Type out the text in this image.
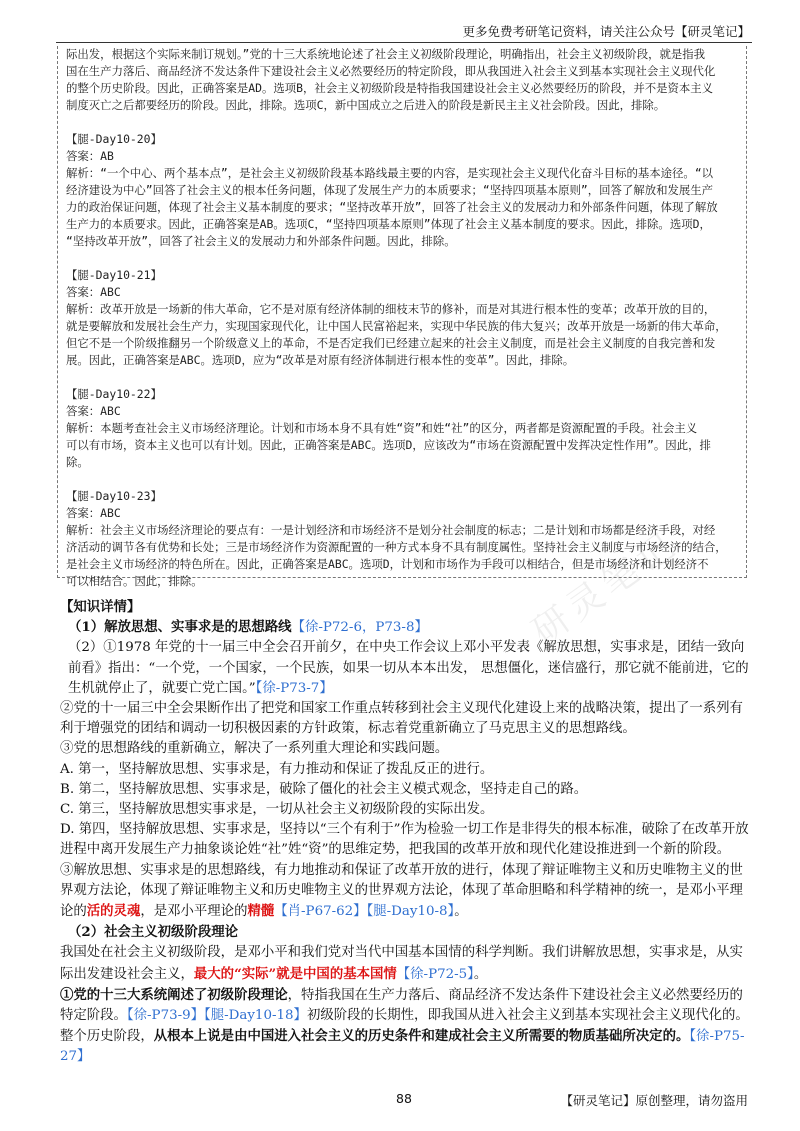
更多免费考研笔记资料，请关注公众号【研灵笔记】

际出发，根据这个实际来制订规划。”党的十三大系统地论述了社会主义初级阶段理论，明确指出，社会主义初级阶段，就是指我

国在生产力落后、商品经济不发达条件下建设社会主义必然要经历的特定阶段，即从我国进入社会主义到基本实现社会主义现代化

的整个历史阶段。因此，正确答案是AD。选项B，社会主义初级阶段是特指我国建设社会主义必然要经历的阶段，并不是资本主义

制度灭亡之后都要经历的阶段。因此，排除。选项C，新中国成立之后进入的阶段是新民主主义社会阶段。因此，排除。

【腿-Day10-20】

答案：AB

解析：“一个中心、两个基本点”，是社会主义初级阶段基本路线最主要的内容，是实现社会主义现代化奋斗目标的基本途径。“以

经济建设为中心”回答了社会主义的根本任务问题，体现了发展生产力的本质要求；“坚持四项基本原则”，回答了解放和发展生产

力的政治保证问题，体现了社会主义基本制度的要求；“坚持改革开放”，回答了社会主义的发展动力和外部条件问题，体现了解放

生产力的本质要求。因此，正确答案是AB。选项C，“坚持四项基本原则”体现了社会主义基本制度的要求。因此，排除。选项D，

“坚持改革开放”，回答了社会主义的发展动力和外部条件问题。因此，排除。

【腿-Day10-21】

答案：ABC

解析：改革开放是一场新的伟大革命，它不是对原有经济体制的细枝末节的修补，而是对其进行根本性的变革；改革开放的目的，

就是要解放和发展社会生产力，实现国家现代化，让中国人民富裕起来，实现中华民族的伟大复兴；改革开放是一场新的伟大革命，

但它不是一个阶级推翻另一个阶级意义上的革命，不是否定我们已经建立起来的社会主义制度，而是社会主义制度的自我完善和发

展。因此，正确答案是ABC。选项D，应为“改革是对原有经济体制进行根本性的变革”。因此，排除。

【腿-Day10-22】

答案：ABC

解析：本题考查社会主义市场经济理论。计划和市场本身不具有姓“资”和姓“社”的区分，两者都是资源配置的手段。社会主义

可以有市场，资本主义也可以有计划。因此，正确答案是ABC。选项D，应该改为“市场在资源配置中发挥决定性作用”。因此，排

除。

【腿-Day10-23】

答案：ABC

解析：社会主义市场经济理论的要点有：一是计划经济和市场经济不是划分社会制度的标志；二是计划和市场都是经济手段，对经

济活动的调节各有优势和长处；三是市场经济作为资源配置的一种方式本身不具有制度属性。坚持社会主义制度与市场经济的结合，

是社会主义市场经济的特色所在。因此，正确答案是ABC。选项D，计划和市场作为手段可以相结合，但是市场经济和计划经济不

可以相结合。因此，排除。	研灵笔记

【知识详情】

（1）解放思想、实事求是的思想路线【徐-P72-6，P73-8】

（2）①1978 年党的十一届三中全会召开前夕，在中央工作会议上邓小平发表《解放思想，实事求是，团结一致向前看》指出：“一个党，一个国家，一个民族，如果一切从本本出发， 思想僵化，迷信盛行，那它就不能前进，它的生机就停止了，就要亡党亡国。”【徐-P73-7】

②党的十一届三中全会果断作出了把党和国家工作重点转移到社会主义现代化建设上来的战略决策，提出了一系列有利于增强党的团结和调动一切积极因素的方针政策，标志着党重新确立了马克思主义的思想路线。

③党的思想路线的重新确立，解决了一系列重大理论和实践问题。

A. 第一，坚持解放思想、实事求是，有力推动和保证了拨乱反正的进行。

B. 第二，坚持解放思想、实事求是，破除了僵化的社会主义模式观念，坚持走自己的路。

C. 第三，坚持解放思想实事求是，一切从社会主义初级阶段的实际出发。

D. 第四，坚持解放思想、实事求是，坚持以“三个有利于”作为检验一切工作是非得失的根本标准，破除了在改革开放进程中离开发展生产力抽象谈论姓“社”姓“资”的思维定势，把我国的改革开放和现代化建设推进到一个新的阶段。

③解放思想、实事求是的思想路线，有力地推动和保证了改革开放的进行，体现了辩证唯物主义和历史唯物主义的世界观方法论，体现了辩证唯物主义和历史唯物主义的世界观方法论，体现了革命胆略和科学精神的统一，是邓小平理论的活的灵魂，是邓小平理论的精髓【肖-P67-62】【腿-Day10-8】。

（2）社会主义初级阶段理论

我国处在社会主义初级阶段，是邓小平和我们党对当代中国基本国情的科学判断。我们讲解放思想，实事求是，从实际出发建设社会主义，最大的“实际”就是中国的基本国情【徐-P72-5】。

①党的十三大系统阐述了初级阶段理论，特指我国在生产力落后、商品经济不发达条件下建设社会主义必然要经历的特定阶段。【徐-P73-9】【腿-Day10-18】初级阶段的长期性，即我国从进入社会主义到基本实现社会主义现代化的。

整个历史阶段，从根本上说是由中国进入社会主义的历史条件和建成社会主义所需要的物质基础所决定的。【徐-P75-27】

88	【研灵笔记】原创整理，请勿盗用
